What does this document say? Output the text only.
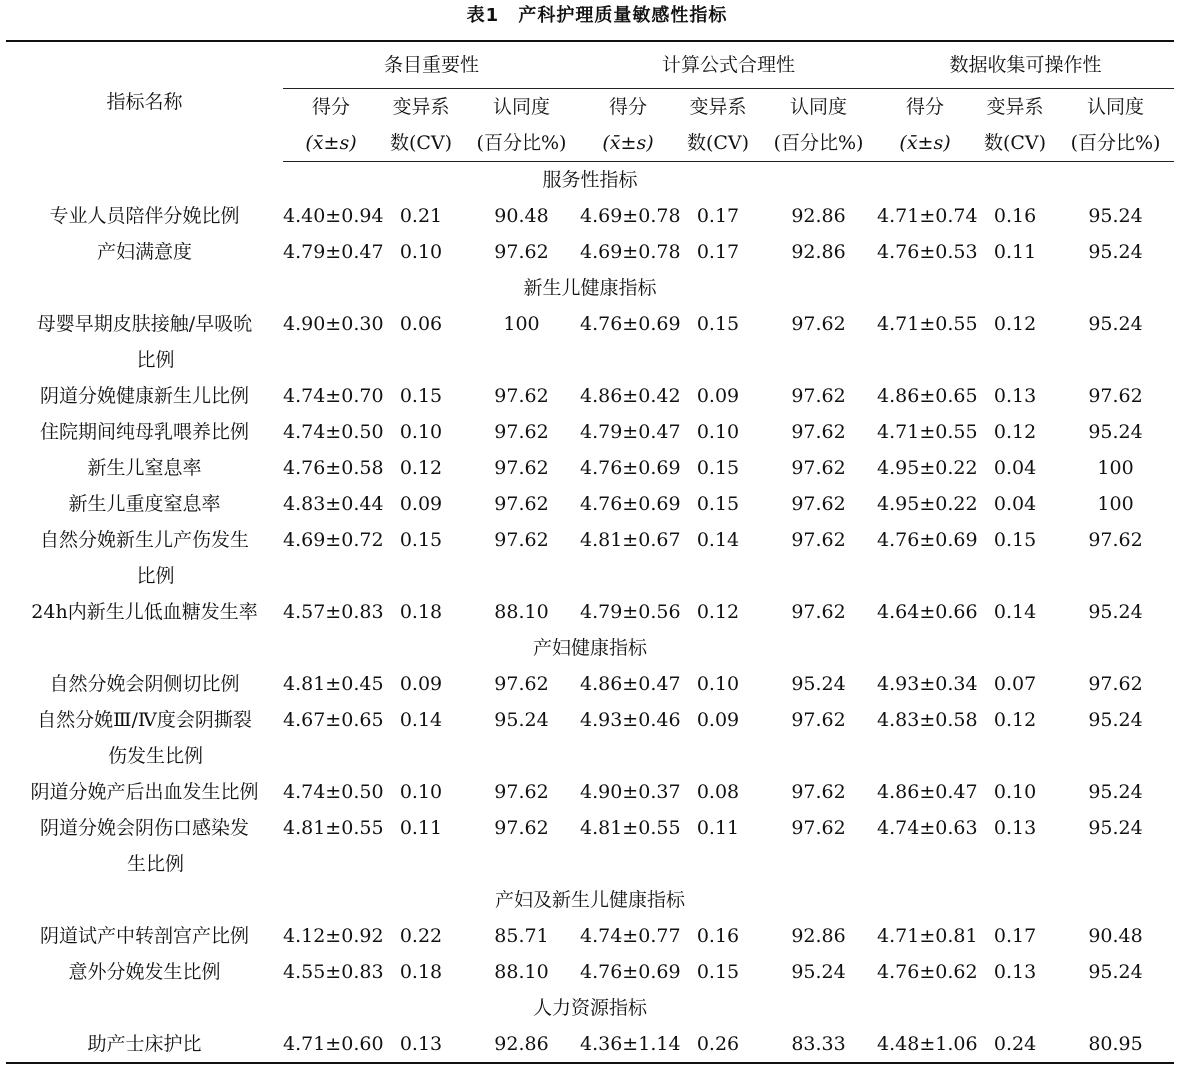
表1 产科护理质量敏感性指标
指标名称	条目重要性			计算公式合理性			数据收集可操作性		
	得分	变异系	认同度	得分	变异系	认同度	得分	变异系	认同度
	(x̄±s)	数(CV)	(百分比%)	(x̄±s)	数(CV)	(百分比%)	(x̄±s)	数(CV)	(百分比%)
服务性指标									
专业人员陪伴分娩比例	4.40±0.94	0.21	90.48	4.69±0.78	0.17	92.86	4.71±0.74	0.16	95.24
产妇满意度	4.79±0.47	0.10	97.62	4.69±0.78	0.17	92.86	4.76±0.53	0.11	95.24
新生儿健康指标									
母婴早期皮肤接触/早吸吮
比例	4.90±0.30	0.06	100	4.76±0.69	0.15	97.62	4.71±0.55	0.12	95.24
阴道分娩健康新生儿比例	4.74±0.70	0.15	97.62	4.86±0.42	0.09	97.62	4.86±0.65	0.13	97.62
住院期间纯母乳喂养比例	4.74±0.50	0.10	97.62	4.79±0.47	0.10	97.62	4.71±0.55	0.12	95.24
新生儿窒息率	4.76±0.58	0.12	97.62	4.76±0.69	0.15	97.62	4.95±0.22	0.04	100
新生儿重度窒息率	4.83±0.44	0.09	97.62	4.76±0.69	0.15	97.62	4.95±0.22	0.04	100
自然分娩新生儿产伤发生
比例	4.69±0.72	0.15	97.62	4.81±0.67	0.14	97.62	4.76±0.69	0.15	97.62
24h内新生儿低血糖发生率	4.57±0.83	0.18	88.10	4.79±0.56	0.12	97.62	4.64±0.66	0.14	95.24
产妇健康指标									
自然分娩会阴侧切比例	4.81±0.45	0.09	97.62	4.86±0.47	0.10	95.24	4.93±0.34	0.07	97.62
自然分娩Ⅲ/Ⅳ度会阴撕裂
伤发生比例	4.67±0.65	0.14	95.24	4.93±0.46	0.09	97.62	4.83±0.58	0.12	95.24
阴道分娩产后出血发生比例	4.74±0.50	0.10	97.62	4.90±0.37	0.08	97.62	4.86±0.47	0.10	95.24
阴道分娩会阴伤口感染发
生比例	4.81±0.55	0.11	97.62	4.81±0.55	0.11	97.62	4.74±0.63	0.13	95.24
产妇及新生儿健康指标									
阴道试产中转剖宫产比例	4.12±0.92	0.22	85.71	4.74±0.77	0.16	92.86	4.71±0.81	0.17	90.48
意外分娩发生比例	4.55±0.83	0.18	88.10	4.76±0.69	0.15	95.24	4.76±0.62	0.13	95.24
人力资源指标									
助产士床护比	4.71±0.60	0.13	92.86	4.36±1.14	0.26	83.33	4.48±1.06	0.24	80.95
